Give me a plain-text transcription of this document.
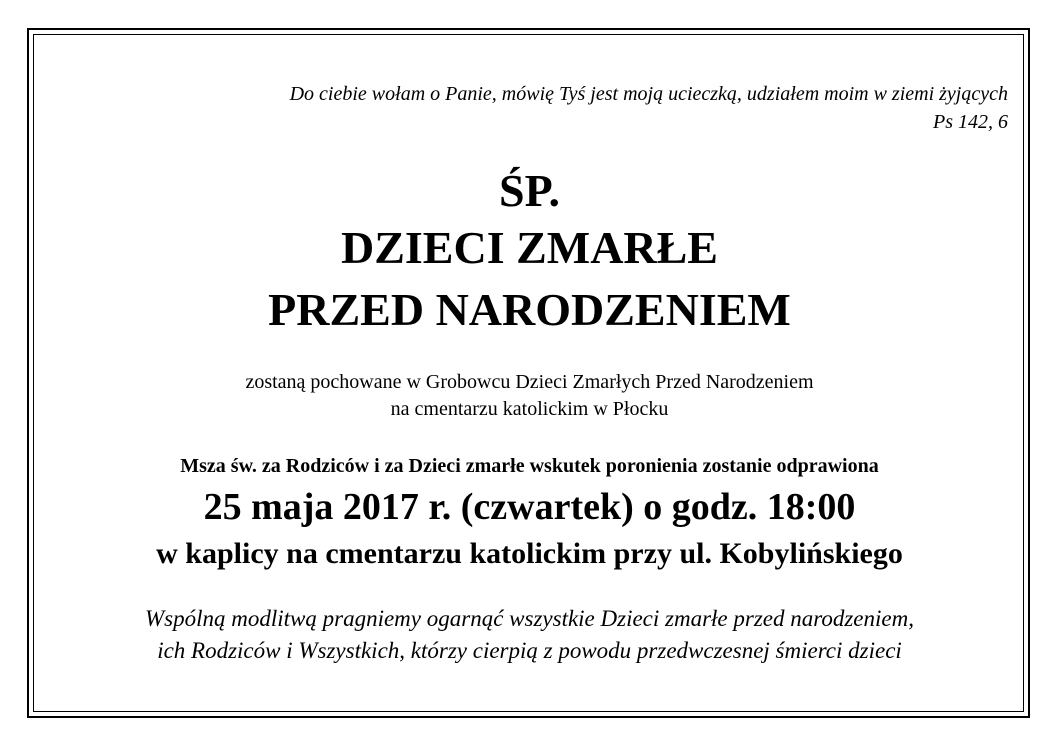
Do ciebie wołam o Panie, mówię Tyś jest moją ucieczką, udziałem moim w ziemi żyjących
Ps 142, 6
ŚP.
DZIECI ZMARŁE
PRZED NARODZENIEM
zostaną pochowane w Grobowcu Dzieci Zmarłych Przed Narodzeniem
na cmentarzu katolickim w Płocku
Msza św. za Rodziców i za Dzieci zmarłe wskutek poronienia zostanie odprawiona
25 maja 2017 r. (czwartek) o godz. 18:00
w kaplicy na cmentarzu katolickim przy ul. Kobylińskiego
Wspólną modlitwą pragniemy ogarnąć wszystkie Dzieci zmarłe przed narodzeniem,
ich Rodziców i Wszystkich, którzy cierpią z powodu przedwczesnej śmierci dzieci
